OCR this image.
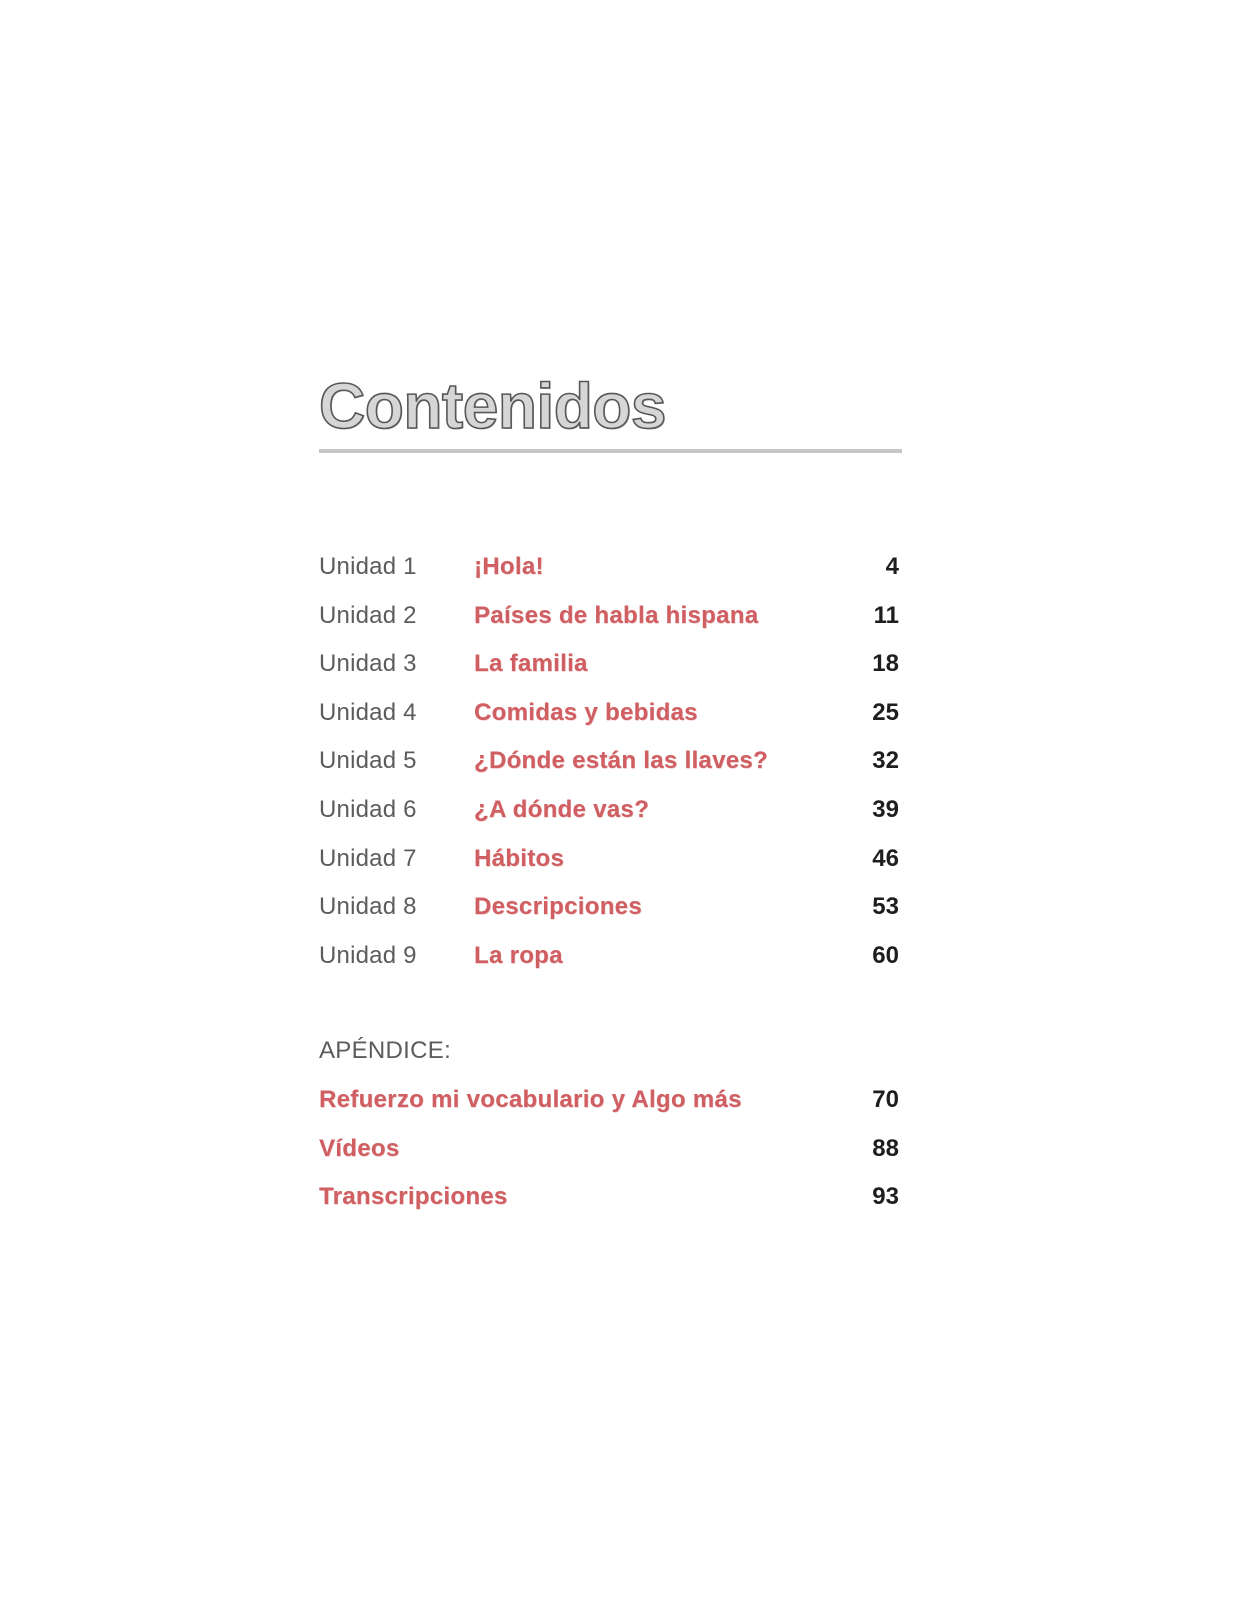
Contenidos
Unidad 1 ¡Hola!	4
Unidad 2 Países de habla hispana	11
Unidad 3 La familia	18
Unidad 4 Comidas y bebidas	25
Unidad 5 ¿Dónde están las llaves?	32
Unidad 6 ¿A dónde vas?	39
Unidad 7 Hábitos	46
Unidad 8 Descripciones	53
Unidad 9 La ropa	60
APÉNDICE:
Refuerzo mi vocabulario y Algo más	70
Vídeos	88
Transcripciones	93
